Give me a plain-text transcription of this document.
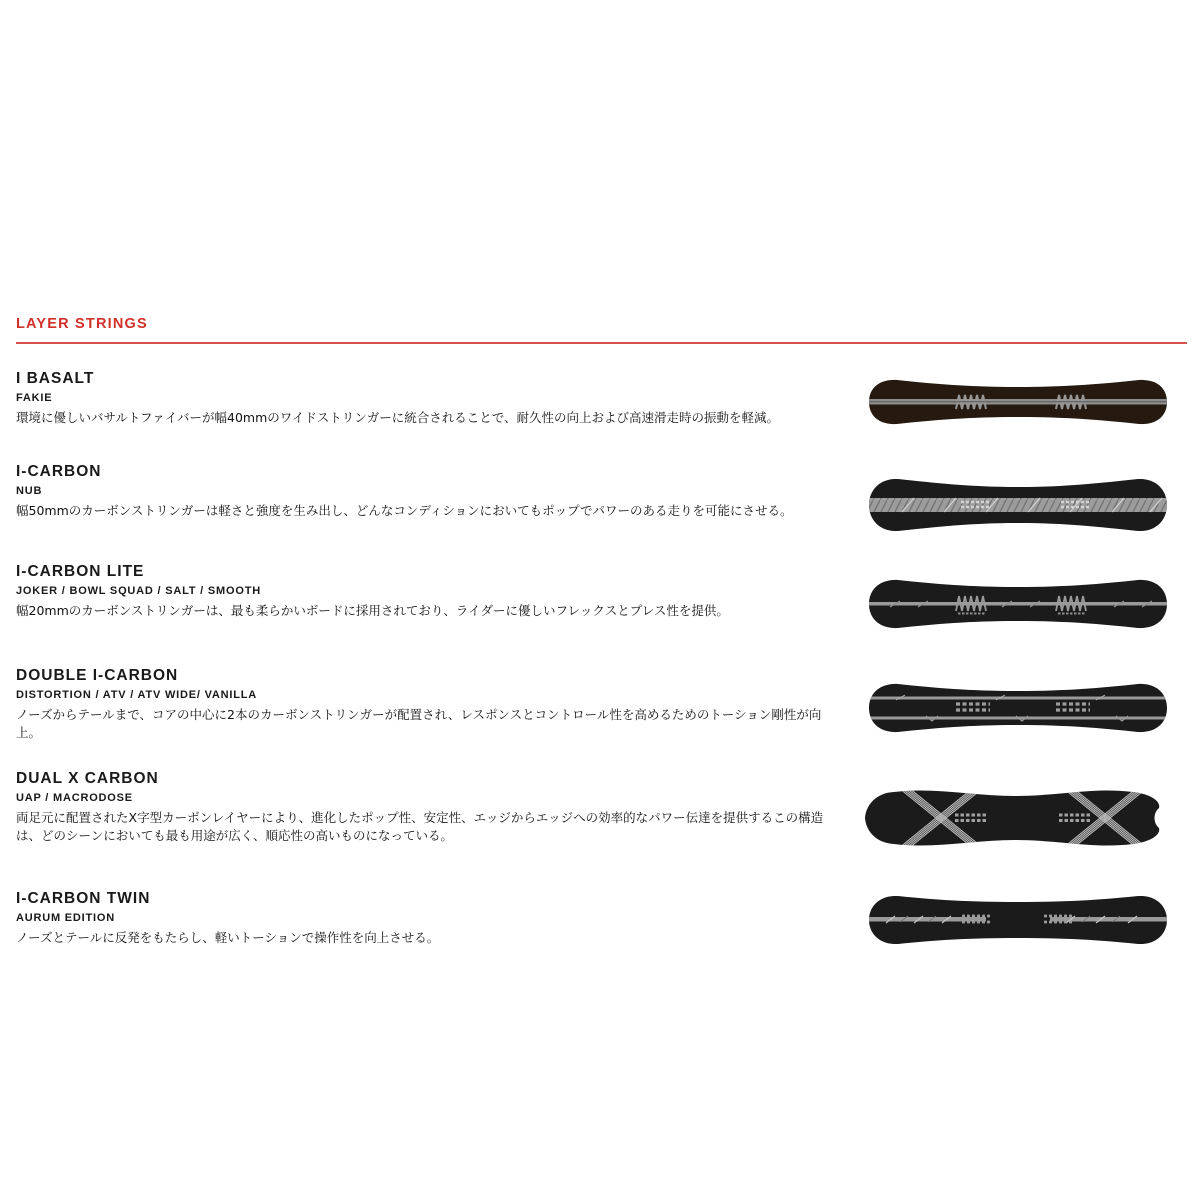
LAYER STRINGS
I BASALT
FAKIE

環境に優しいバサルトファイバーが幅40mmのワイドストリンガーに統合されることで、耐久性の向上および高速滑走時の振動を軽減。

I-CARBON
NUB

幅50mmのカーボンストリンガーは軽さと強度を生み出し、どんなコンディションにおいてもポップでパワーのある走りを可能にさせる。

I-CARBON LITE
JOKER / BOWL SQUAD / SALT / SMOOTH

幅20mmのカーボンストリンガーは、最も柔らかいボードに採用されており、ライダーに優しいフレックスとプレス性を提供。

DOUBLE I-CARBON
DISTORTION / ATV / ATV WIDE/ VANILLA

ノーズからテールまで、コアの中心に2本のカーボンストリンガーが配置され、レスポンスとコントロール性を高めるためのトーション剛性が向上。

DUAL X CARBON
UAP / MACRODOSE

両足元に配置されたX字型カーボンレイヤーにより、進化したポップ性、安定性、エッジからエッジへの効率的なパワー伝達を提供するこの構造は、どのシーンにおいても最も用途が広く、順応性の高いものになっている。

I-CARBON TWIN
AURUM EDITION

ノーズとテールに反発をもたらし、軽いトーションで操作性を向上させる。
